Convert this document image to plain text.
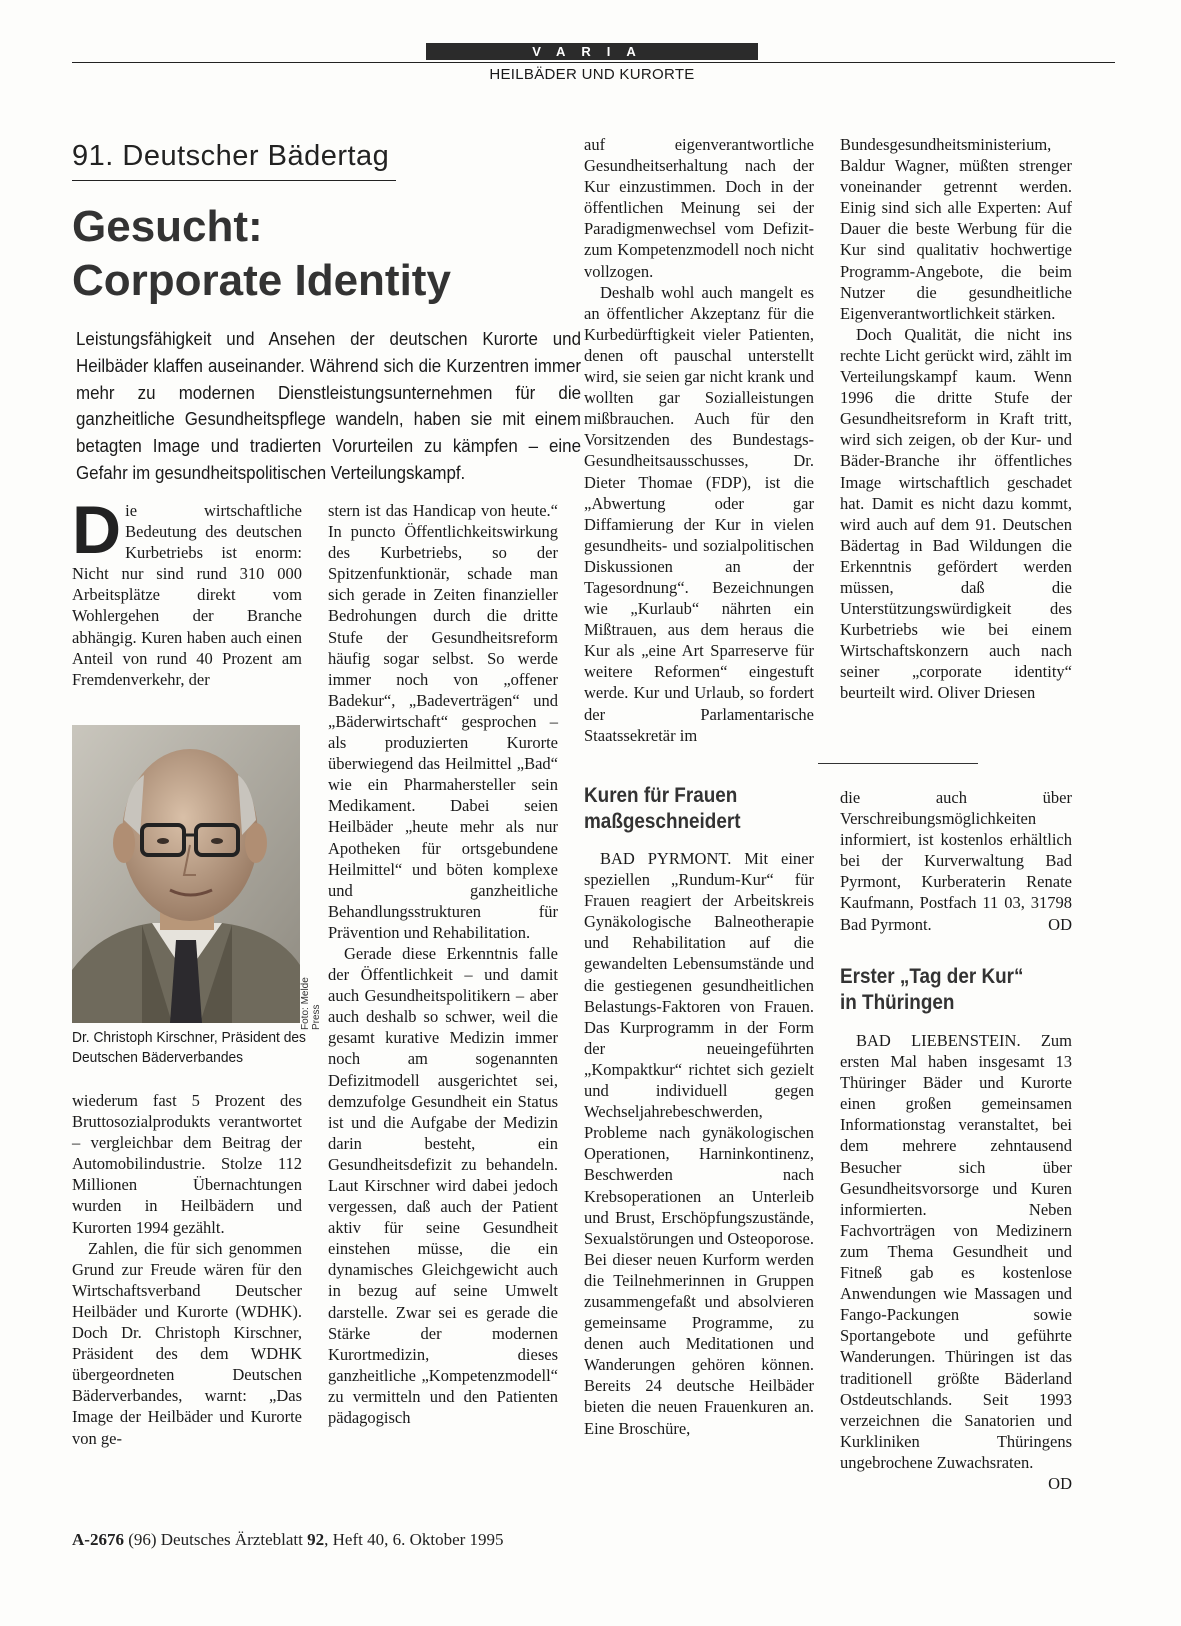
VARIA
HEILBÄDER UND KURORTE
91. Deutscher Bädertag
Gesucht:
Corporate Identity
Leistungsfähigkeit und Ansehen der deutschen Kurorte und Heilbäder klaffen auseinander. Während sich die Kurzentren immer mehr zu modernen Dienstleistungsunternehmen für die ganzheitliche Gesundheitspflege wandeln, haben sie mit einem betagten Image und tradierten Vorurteilen zu kämpfen – eine Gefahr im gesundheitspolitischen Verteilungskampf.

Die wirtschaftliche Bedeutung des deutschen Kurbetriebs ist enorm: Nicht nur sind rund 310 000 Arbeitsplätze direkt vom Wohlergehen der Branche abhängig. Kuren haben auch einen Anteil von rund 40 Prozent am Fremdenverkehr, der

Foto: Melde Press
Dr. Christoph Kirschner, Präsident des Deutschen Bäderverbandes

wiederum fast 5 Prozent des Bruttosozialprodukts verantwortet – vergleichbar dem Beitrag der Automobilindustrie. Stolze 112 Millionen Übernachtungen wurden in Heilbädern und Kurorten 1994 gezählt.

Zahlen, die für sich genommen Grund zur Freude wären für den Wirtschaftsverband Deutscher Heilbäder und Kurorte (WDHK). Doch Dr. Christoph Kirschner, Präsident des dem WDHK übergeordneten Deutschen Bäderverbandes, warnt: „Das Image der Heilbäder und Kurorte von ge-

stern ist das Handicap von heute.“ In puncto Öffentlichkeitswirkung des Kurbetriebs, so der Spitzenfunktionär, schade man sich gerade in Zeiten finanzieller Bedrohungen durch die dritte Stufe der Gesundheitsreform häufig sogar selbst. So werde immer noch von „offener Badekur“, „Badeverträgen“ und „Bäderwirtschaft“ gesprochen – als produzierten Kurorte überwiegend das Heilmittel „Bad“ wie ein Pharmahersteller sein Medikament. Dabei seien Heilbäder „heute mehr als nur Apotheken für ortsgebundene Heilmittel“ und böten komplexe und ganzheitliche Behandlungsstrukturen für Prävention und Rehabilitation.

Gerade diese Erkenntnis falle der Öffentlichkeit – und damit auch Gesundheitspolitikern – aber auch deshalb so schwer, weil die gesamt kurative Medizin immer noch am sogenannten Defizitmodell ausgerichtet sei, demzufolge Gesundheit ein Status ist und die Aufgabe der Medizin darin besteht, ein Gesundheitsdefizit zu behandeln. Laut Kirschner wird dabei jedoch vergessen, daß auch der Patient aktiv für seine Gesundheit einstehen müsse, die ein dynamisches Gleichgewicht auch in bezug auf seine Umwelt darstelle. Zwar sei es gerade die Stärke der modernen Kurortmedizin, dieses ganzheitliche „Kompetenzmodell“ zu vermitteln und den Patienten pädagogisch

auf eigenverantwortliche Gesundheitserhaltung nach der Kur einzustimmen. Doch in der öffentlichen Meinung sei der Paradigmenwechsel vom Defizit- zum Kompetenzmodell noch nicht vollzogen.

Deshalb wohl auch mangelt es an öffentlicher Akzeptanz für die Kurbedürftigkeit vieler Patienten, denen oft pauschal unterstellt wird, sie seien gar nicht krank und wollten gar Sozialleistungen mißbrauchen. Auch für den Vorsitzenden des Bundestags-Gesundheitsausschusses, Dr. Dieter Thomae (FDP), ist die „Abwertung oder gar Diffamierung der Kur in vielen gesundheits- und sozialpolitischen Diskussionen an der Tagesordnung“. Bezeichnungen wie „Kurlaub“ nährten ein Mißtrauen, aus dem heraus die Kur als „eine Art Sparreserve für weitere Reformen“ eingestuft werde. Kur und Urlaub, so fordert der Parlamentarische Staatssekretär im

Bundesgesundheitsministerium, Baldur Wagner, müßten strenger voneinander getrennt werden. Einig sind sich alle Experten: Auf Dauer die beste Werbung für die Kur sind qualitativ hochwertige Programm-Angebote, die beim Nutzer die gesundheitliche Eigenverantwortlichkeit stärken.

Doch Qualität, die nicht ins rechte Licht gerückt wird, zählt im Verteilungskampf kaum. Wenn 1996 die dritte Stufe der Gesundheitsreform in Kraft tritt, wird sich zeigen, ob der Kur- und Bäder-Branche ihr öffentliches Image wirtschaftlich geschadet hat. Damit es nicht dazu kommt, wird auch auf dem 91. Deutschen Bädertag in Bad Wildungen die Erkenntnis gefördert werden müssen, daß die Unterstützungswürdigkeit des Kurbetriebs wie bei einem Wirtschaftskonzern auch nach seiner „corporate identity“ beurteilt wird. Oliver Driesen

Kuren für Frauen
maßgeschneidert

BAD PYRMONT. Mit einer speziellen „Rundum-Kur“ für Frauen reagiert der Arbeitskreis Gynäkologische Balneotherapie und Rehabilitation auf die gewandelten Lebensumstände und die gestiegenen gesundheitlichen Belastungs-Faktoren von Frauen. Das Kurprogramm in der Form der neueingeführten „Kompaktkur“ richtet sich gezielt und individuell gegen Wechseljahrebeschwerden, Probleme nach gynäkologischen Operationen, Harninkontinenz, Beschwerden nach Krebsoperationen an Unterleib und Brust, Erschöpfungszustände, Sexualstörungen und Osteoporose. Bei dieser neuen Kurform werden die Teilnehmerinnen in Gruppen zusammengefaßt und absolvieren gemeinsame Programme, zu denen auch Meditationen und Wanderungen gehören können. Bereits 24 deutsche Heilbäder bieten die neuen Frauenkuren an. Eine Broschüre,

die auch über Verschreibungsmöglichkeiten informiert, ist kostenlos erhältlich bei der Kurverwaltung Bad Pyrmont, Kurberaterin Renate Kaufmann, Postfach 11 03, 31798 Bad Pyrmont.	OD

Erster „Tag der Kur“
in Thüringen

BAD LIEBENSTEIN. Zum ersten Mal haben insgesamt 13 Thüringer Bäder und Kurorte einen großen gemeinsamen Informationstag veranstaltet, bei dem mehrere zehntausend Besucher sich über Gesundheitsvorsorge und Kuren informierten. Neben Fachvorträgen von Medizinern zum Thema Gesundheit und Fitneß gab es kostenlose Anwendungen wie Massagen und Fango-Packungen sowie Sportangebote und geführte Wanderungen. Thüringen ist das traditionell größte Bäderland Ostdeutschlands. Seit 1993 verzeichnen die Sanatorien und Kurkliniken Thüringens ungebrochene Zuwachsraten.
OD

A-2676 (96) Deutsches Ärzteblatt 92, Heft 40, 6. Oktober 1995
